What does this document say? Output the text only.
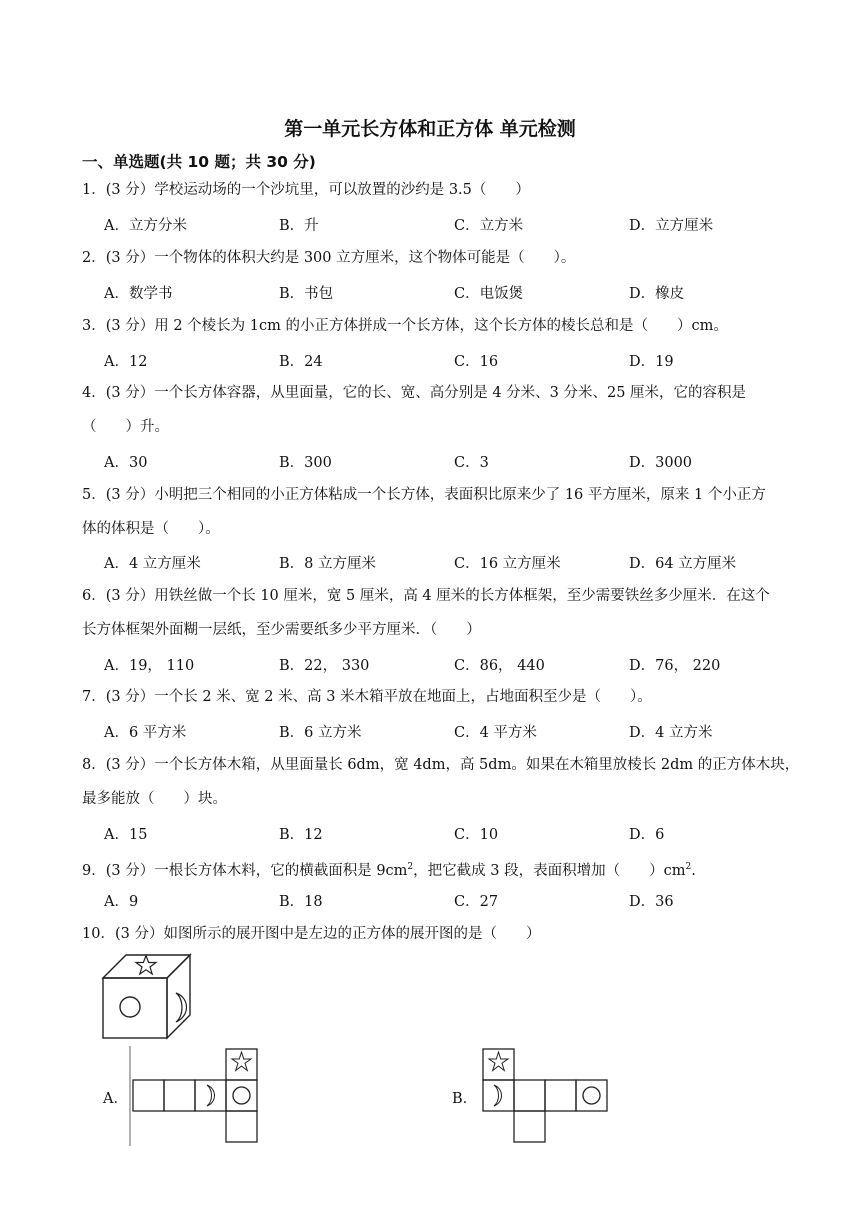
第一单元长方体和正方体 单元检测
一、单选题(共 10 题；共 30 分)
1．(3 分）学校运动场的一个沙坑里，可以放置的沙约是 3.5（　　）
A．立方分米	B．升	C．立方米	D．立方厘米
2．(3 分）一个物体的体积大约是 300 立方厘米，这个物体可能是（　　）。
A．数学书	B．书包	C．电饭煲	D．橡皮
3．(3 分）用 2 个棱长为 1cm 的小正方体拼成一个长方体，这个长方体的棱长总和是（　　）cm。
A．12	B．24	C．16	D．19
4．(3 分）一个长方体容器，从里面量，它的长、宽、高分别是 4 分米、3 分米、25 厘米，它的容积是
（　　）升。
A．30	B．300	C．3	D．3000
5．(3 分）小明把三个相同的小正方体粘成一个长方体，表面积比原来少了 16 平方厘米，原来 1 个小正方
体的体积是（　　）。
A．4 立方厘米	B．8 立方厘米	C．16 立方厘米	D．64 立方厘米
6．(3 分）用铁丝做一个长 10 厘米，宽 5 厘米，高 4 厘米的长方体框架，至少需要铁丝多少厘米．在这个
长方体框架外面糊一层纸，至少需要纸多少平方厘米．（　　）
A．19， 110	B．22， 330	C．86， 440	D．76， 220
7．(3 分）一个长 2 米、宽 2 米、高 3 米木箱平放在地面上，占地面积至少是（　　）。
A．6 平方米	B．6 立方米	C．4 平方米	D．4 立方米
8．(3 分）一个长方体木箱，从里面量长 6dm，宽 4dm，高 5dm。如果在木箱里放棱长 2dm 的正方体木块，
最多能放（　　）块。
A．15	B．12	C．10	D．6
9．(3 分）一根长方体木料，它的横截面积是 $9cm^2$，把它截成 3 段，表面积增加（　　）$cm^2$.
A．9	B．18	C．27	D．36
10．(3 分）如图所示的展开图中是左边的正方体的展开图的是（　　）
A．	B．
